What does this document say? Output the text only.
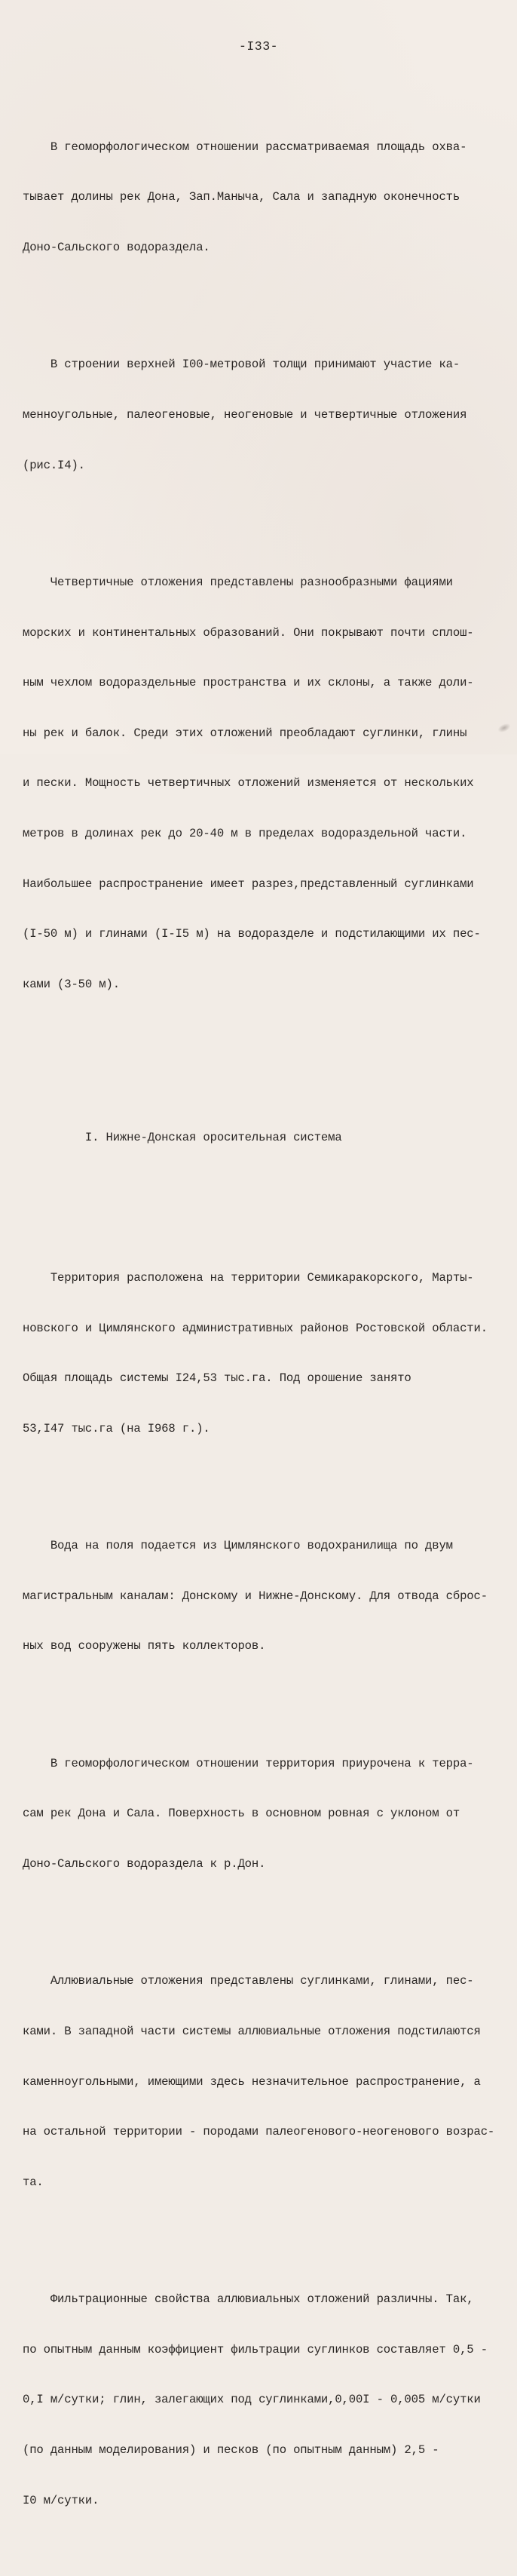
-I33-

В геоморфологическом отношении рассматриваемая площадь охва-

тывает долины рек Дона, Зап.Маныча, Сала и западную оконечность

Доно-Сальского водораздела.

В строении верхней I00-метровой толщи принимают участие ка-

менноугольные, палеогеновые, неогеновые и четвертичные отложения

(рис.I4).

Четвертичные отложения представлены разнообразными фациями

морских и континентальных образований. Они покрывают почти сплош-

ным чехлом водораздельные пространства и их склоны, а также доли-

ны рек и балок. Среди этих отложений преобладают суглинки, глины

и пески. Мощность четвертичных отложений изменяется от нескольких

метров в долинах рек до 20-40 м в пределах водораздельной части.

Наибольшее распространение имеет разрез,представленный суглинками

(I-50 м) и глинами (I-I5 м) на водоразделе и подстилающими их пес-

ками (3-50 м).

I. Нижне-Донская оросительная система

Территория расположена на территории Семикаракорского, Марты-

новского и Цимлянского административных районов Ростовской области.

Общая площадь системы I24,53 тыс.га. Под орошение занято

53,I47 тыс.га (на I968 г.).

Вода на поля подается из Цимлянского водохранилища по двум

магистральным каналам: Донскому и Нижне-Донскому. Для отвода сброс-

ных вод сооружены пять коллекторов.

В геоморфологическом отношении территория приурочена к терра-

сам рек Дона и Сала. Поверхность в основном ровная с уклоном от

Доно-Сальского водораздела к р.Дон.

Аллювиальные отложения представлены суглинками, глинами, пес-

ками. В западной части системы аллювиальные отложения подстилаются

каменноугольными, имеющими здесь незначительное распространение, а

на остальной территории - породами палеогенового-неогенового возрас-

та.

Фильтрационные свойства аллювиальных отложений различны. Так,

по опытным данным коэффициент фильтрации суглинков составляет 0,5 -

0,I м/сутки; глин, залегающих под суглинками,0,00I - 0,005 м/сутки

(по данным моделирования) и песков (по опытным данным) 2,5 -

I0 м/сутки.
